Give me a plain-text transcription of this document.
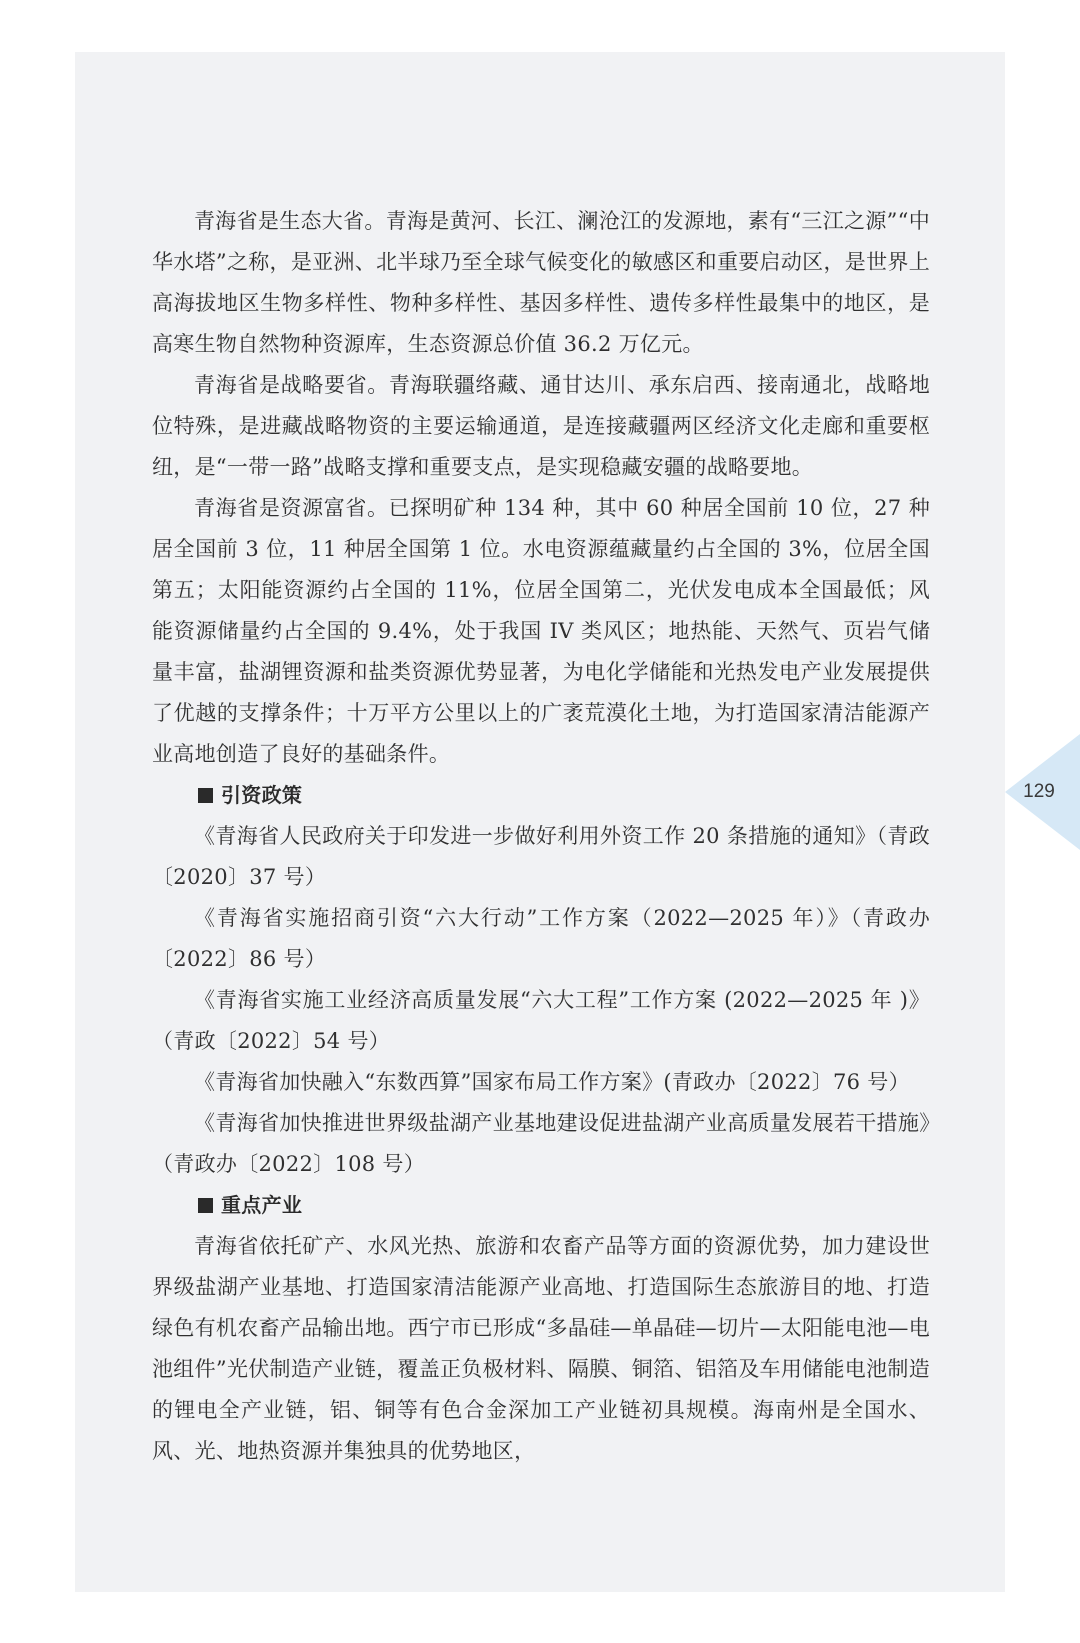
青海省是生态大省。青海是黄河、长江、澜沧江的发源地，素有“三江之源”“中华水塔”之称，是亚洲、北半球乃至全球气候变化的敏感区和重要启动区，是世界上高海拔地区生物多样性、物种多样性、基因多样性、遗传多样性最集中的地区，是高寒生物自然物种资源库，生态资源总价值 36.2 万亿元。

青海省是战略要省。青海联疆络藏、通甘达川、承东启西、接南通北，战略地位特殊，是进藏战略物资的主要运输通道，是连接藏疆两区经济文化走廊和重要枢纽，是“一带一路”战略支撑和重要支点，是实现稳藏安疆的战略要地。

青海省是资源富省。已探明矿种 134 种，其中 60 种居全国前 10 位，27 种居全国前 3 位，11 种居全国第 1 位。水电资源蕴藏量约占全国的 3%，位居全国第五；太阳能资源约占全国的 11%，位居全国第二，光伏发电成本全国最低；风能资源储量约占全国的 9.4%，处于我国 IV 类风区；地热能、天然气、页岩气储量丰富，盐湖锂资源和盐类资源优势显著，为电化学储能和光热发电产业发展提供了优越的支撑条件；十万平方公里以上的广袤荒漠化土地，为打造国家清洁能源产业高地创造了良好的基础条件。

引资政策

《青海省人民政府关于印发进一步做好利用外资工作 20 条措施的通知》（青政〔2020〕37 号）

《青海省实施招商引资“六大行动”工作方案（2022—2025 年）》（青政办〔2022〕86 号）

《青海省实施工业经济高质量发展“六大工程”工作方案 (2022—2025 年 )》（青政〔2022〕54 号）

《青海省加快融入“东数西算”国家布局工作方案》(青政办〔2022〕76 号）

《青海省加快推进世界级盐湖产业基地建设促进盐湖产业高质量发展若干措施》（青政办〔2022〕108 号）

重点产业

青海省依托矿产、水风光热、旅游和农畜产品等方面的资源优势，加力建设世界级盐湖产业基地、打造国家清洁能源产业高地、打造国际生态旅游目的地、打造绿色有机农畜产品输出地。西宁市已形成“多晶硅—单晶硅—切片—太阳能电池—电池组件”光伏制造产业链，覆盖正负极材料、隔膜、铜箔、铝箔及车用储能电池制造的锂电全产业链，铝、铜等有色合金深加工产业链初具规模。海南州是全国水、风、光、地热资源并集独具的优势地区，

129
